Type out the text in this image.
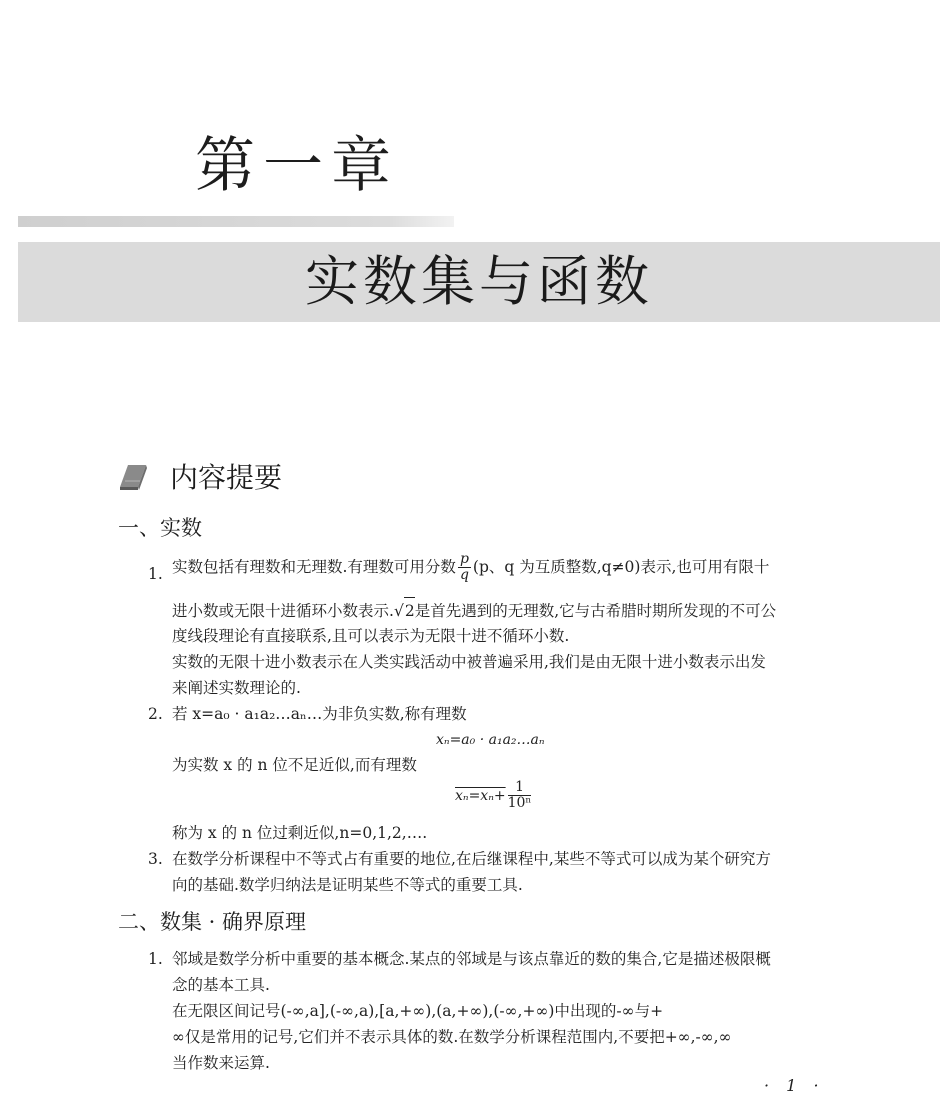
第一章
实数集与函数
内容提要
一、实数
1. 实数包括有理数和无理数.有理数可用分数 $\frac{p}{q} (p$、q 为互质整数,q≠0)表示,也可用有限十
进小数或无限十进循环小数表示.√2是首先遇到的无理数,它与古希腊时期所发现的不可公
度线段理论有直接联系,且可以表示为无限十进不循环小数.
实数的无限十进小数表示在人类实践活动中被普遍采用,我们是由无限十进小数表示出发
来阐述实数理论的.
2. 若 x=a₀ · a₁a₂…aₙ…为非负实数,称有理数
xₙ=a₀ · a₁a₂…aₙ
为实数 x 的 n 位不足近似,而有理数
$x_n=x_n+ \frac{1}{\text{10ⁿ}}$
称为 x 的 n 位过剩近似,n=0,1,2,….
3. 在数学分析课程中不等式占有重要的地位,在后继课程中,某些不等式可以成为某个研究方
向的基础.数学归纳法是证明某些不等式的重要工具.
二、数集 · 确界原理
1. 邻域是数学分析中重要的基本概念.某点的邻域是与该点靠近的数的集合,它是描述极限概
念的基本工具.
在无限区间记号(-∞,a],(-∞,a),[a,+∞),(a,+∞),(-∞,+∞)中出现的-∞与+
∞仅是常用的记号,它们并不表示具体的数.在数学分析课程范围内,不要把+∞,-∞,∞
当作数来运算.
· 1 ·
